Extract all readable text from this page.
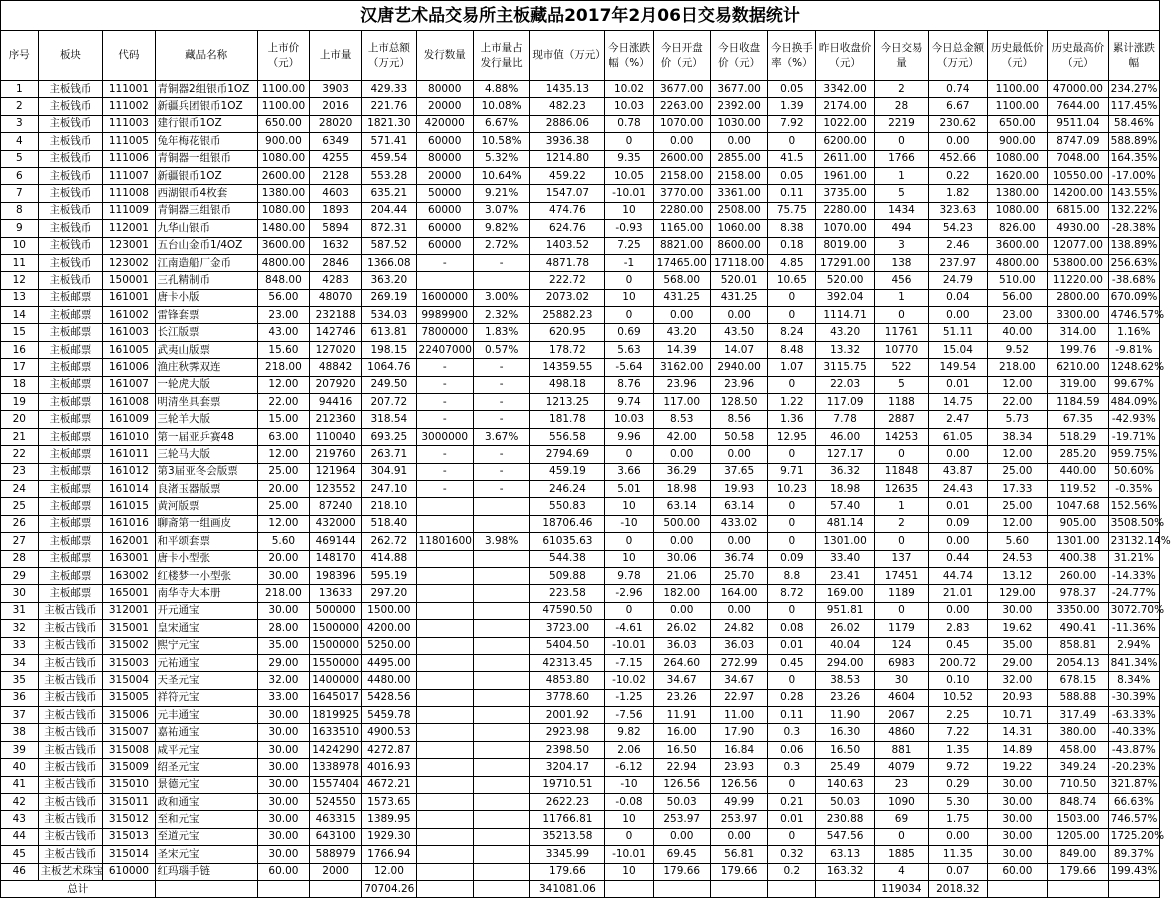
汉唐艺术品交易所主板藏品2017年2月06日交易数据统计
序号	板块	代码	藏品名称	上市价（元）	上市量	上市总额（万元）	发行数量	上市量占发行量比	现市值（万元）	今日涨跌幅（%）	今日开盘价（元）	今日收盘价（元）	今日换手率（%）	昨日收盘价（元）	今日交易量	今日总金额（万元）	历史最低价（元）	历史最高价（元）	累计涨跌幅
1	主板钱币	111001	青铜器2组银币1OZ	1100.00	3903	429.33	80000	4.88%	1435.13	10.02	3677.00	3677.00	0.05	3342.00	2	0.74	1100.00	47000.00	234.27%
2	主板钱币	111002	新疆兵团银币1OZ	1100.00	2016	221.76	20000	10.08%	482.23	10.03	2263.00	2392.00	1.39	2174.00	28	6.67	1100.00	7644.00	117.45%
3	主板钱币	111003	建行银币1OZ	650.00	28020	1821.30	420000	6.67%	2886.06	0.78	1070.00	1030.00	7.92	1022.00	2219	230.62	650.00	9511.04	58.46%
4	主板钱币	111005	兔年梅花银币	900.00	6349	571.41	60000	10.58%	3936.38	0	0.00	0.00	0	6200.00	0	0.00	900.00	8747.09	588.89%
5	主板钱币	111006	青铜器一组银币	1080.00	4255	459.54	80000	5.32%	1214.80	9.35	2600.00	2855.00	41.5	2611.00	1766	452.66	1080.00	7048.00	164.35%
6	主板钱币	111007	新疆银币1OZ	2600.00	2128	553.28	20000	10.64%	459.22	10.05	2158.00	2158.00	0.05	1961.00	1	0.22	1620.00	10550.00	-17.00%
7	主板钱币	111008	西湖银币4枚套	1380.00	4603	635.21	50000	9.21%	1547.07	-10.01	3770.00	3361.00	0.11	3735.00	5	1.82	1380.00	14200.00	143.55%
8	主板钱币	111009	青铜器三组银币	1080.00	1893	204.44	60000	3.07%	474.76	10	2280.00	2508.00	75.75	2280.00	1434	323.63	1080.00	6815.00	132.22%
9	主板钱币	112001	九华山银币	1480.00	5894	872.31	60000	9.82%	624.76	-0.93	1165.00	1060.00	8.38	1070.00	494	54.23	826.00	4930.00	-28.38%
10	主板钱币	123001	五台山金币1/4OZ	3600.00	1632	587.52	60000	2.72%	1403.52	7.25	8821.00	8600.00	0.18	8019.00	3	2.46	3600.00	12077.00	138.89%
11	主板钱币	123002	江南造船厂金币	4800.00	2846	1366.08	-	-	4871.78	-1	17465.00	17118.00	4.85	17291.00	138	237.97	4800.00	53800.00	256.63%
12	主板钱币	150001	三孔精制币	848.00	4283	363.20			222.72	0	568.00	520.01	10.65	520.00	456	24.79	510.00	11220.00	-38.68%
13	主板邮票	161001	唐卡小版	56.00	48070	269.19	1600000	3.00%	2073.02	10	431.25	431.25	0	392.04	1	0.04	56.00	2800.00	670.09%
14	主板邮票	161002	雷锋套票	23.00	232188	534.03	9989900	2.32%	25882.23	0	0.00	0.00	0	1114.71	0	0.00	23.00	3300.00	4746.57%
15	主板邮票	161003	长江版票	43.00	142746	613.81	7800000	1.83%	620.95	0.69	43.20	43.50	8.24	43.20	11761	51.11	40.00	314.00	1.16%
16	主板邮票	161005	武夷山版票	15.60	127020	198.15	22407000	0.57%	178.72	5.63	14.39	14.07	8.48	13.32	10770	15.04	9.52	199.76	-9.81%
17	主板邮票	161006	渔庄秋霁双连	218.00	48842	1064.76	-	-	14359.55	-5.64	3162.00	2940.00	1.07	3115.75	522	149.54	218.00	6210.00	1248.62%
18	主板邮票	161007	一轮虎大版	12.00	207920	249.50	-	-	498.18	8.76	23.96	23.96	0	22.03	5	0.01	12.00	319.00	99.67%
19	主板邮票	161008	明清坐具套票	22.00	94416	207.72	-	-	1213.25	9.74	117.00	128.50	1.22	117.09	1188	14.75	22.00	1184.59	484.09%
20	主板邮票	161009	三轮羊大版	15.00	212360	318.54	-	-	181.78	10.03	8.53	8.56	1.36	7.78	2887	2.47	5.73	67.35	-42.93%
21	主板邮票	161010	第一届亚乒赛48	63.00	110040	693.25	3000000	3.67%	556.58	9.96	42.00	50.58	12.95	46.00	14253	61.05	38.34	518.29	-19.71%
22	主板邮票	161011	三轮马大版	12.00	219760	263.71	-	-	2794.69	0	0.00	0.00	0	127.17	0	0.00	12.00	285.20	959.75%
23	主板邮票	161012	第3届亚冬会版票	25.00	121964	304.91	-	-	459.19	3.66	36.29	37.65	9.71	36.32	11848	43.87	25.00	440.00	50.60%
24	主板邮票	161014	良渚玉器版票	20.00	123552	247.10	-	-	246.24	5.01	18.98	19.93	10.23	18.98	12635	24.43	17.33	119.52	-0.35%
25	主板邮票	161015	黄河版票	25.00	87240	218.10			550.83	10	63.14	63.14	0	57.40	1	0.01	25.00	1047.68	152.56%
26	主板邮票	161016	聊斋第一组画皮	12.00	432000	518.40			18706.46	-10	500.00	433.02	0	481.14	2	0.09	12.00	905.00	3508.50%
27	主板邮票	162001	和平颂套票	5.60	469144	262.72	11801600	3.98%	61035.63	0	0.00	0.00	0	1301.00	0	0.00	5.60	1301.00	23132.14%
28	主板邮票	163001	唐卡小型张	20.00	148170	414.88			544.38	10	30.06	36.74	0.09	33.40	137	0.44	24.53	400.38	31.21%
29	主板邮票	163002	红楼梦一小型张	30.00	198396	595.19			509.88	9.78	21.06	25.70	8.8	23.41	17451	44.74	13.12	260.00	-14.33%
30	主板邮票	165001	南华寺大本册	218.00	13633	297.20			223.58	-2.96	182.00	164.00	8.72	169.00	1189	21.01	129.00	978.37	-24.77%
31	主板古钱币	312001	开元通宝	30.00	500000	1500.00			47590.50	0	0.00	0.00	0	951.81	0	0.00	30.00	3350.00	3072.70%
32	主板古钱币	315001	皇宋通宝	28.00	1500000	4200.00			3723.00	-4.61	26.02	24.82	0.08	26.02	1179	2.83	19.62	490.41	-11.36%
33	主板古钱币	315002	熙宁元宝	35.00	1500000	5250.00			5404.50	-10.01	36.03	36.03	0.01	40.04	124	0.45	35.00	858.81	2.94%
34	主板古钱币	315003	元祐通宝	29.00	1550000	4495.00			42313.45	-7.15	264.60	272.99	0.45	294.00	6983	200.72	29.00	2054.13	841.34%
35	主板古钱币	315004	天圣元宝	32.00	1400000	4480.00			4853.80	-10.02	34.67	34.67	0	38.53	30	0.10	32.00	678.15	8.34%
36	主板古钱币	315005	祥符元宝	33.00	1645017	5428.56			3778.60	-1.25	23.26	22.97	0.28	23.26	4604	10.52	20.93	588.88	-30.39%
37	主板古钱币	315006	元丰通宝	30.00	1819925	5459.78			2001.92	-7.56	11.91	11.00	0.11	11.90	2067	2.25	10.71	317.49	-63.33%
38	主板古钱币	315007	嘉祐通宝	30.00	1633510	4900.53			2923.98	9.82	16.00	17.90	0.3	16.30	4860	7.22	14.31	380.00	-40.33%
39	主板古钱币	315008	咸平元宝	30.00	1424290	4272.87			2398.50	2.06	16.50	16.84	0.06	16.50	881	1.35	14.89	458.00	-43.87%
40	主板古钱币	315009	绍圣元宝	30.00	1338978	4016.93			3204.17	-6.12	22.94	23.93	0.3	25.49	4079	9.72	19.22	349.24	-20.23%
41	主板古钱币	315010	景德元宝	30.00	1557404	4672.21			19710.51	-10	126.56	126.56	0	140.63	23	0.29	30.00	710.50	321.87%
42	主板古钱币	315011	政和通宝	30.00	524550	1573.65			2622.23	-0.08	50.03	49.99	0.21	50.03	1090	5.30	30.00	848.74	66.63%
43	主板古钱币	315012	至和元宝	30.00	463315	1389.95			11766.81	10	253.97	253.97	0.01	230.88	69	1.75	30.00	1503.00	746.57%
44	主板古钱币	315013	至道元宝	30.00	643100	1929.30			35213.58	0	0.00	0.00	0	547.56	0	0.00	30.00	1205.00	1725.20%
45	主板古钱币	315014	圣宋元宝	30.00	588979	1766.94			3345.99	-10.01	69.45	56.81	0.32	63.13	1885	11.35	30.00	849.00	89.37%
46	主板艺术珠宝	610000	红玛瑙手链	60.00	2000	12.00			179.66	10	179.66	179.66	0.2	163.32	4	0.07	60.00	179.66	199.43%
总计						70704.26			341081.06						119034	2018.32			
